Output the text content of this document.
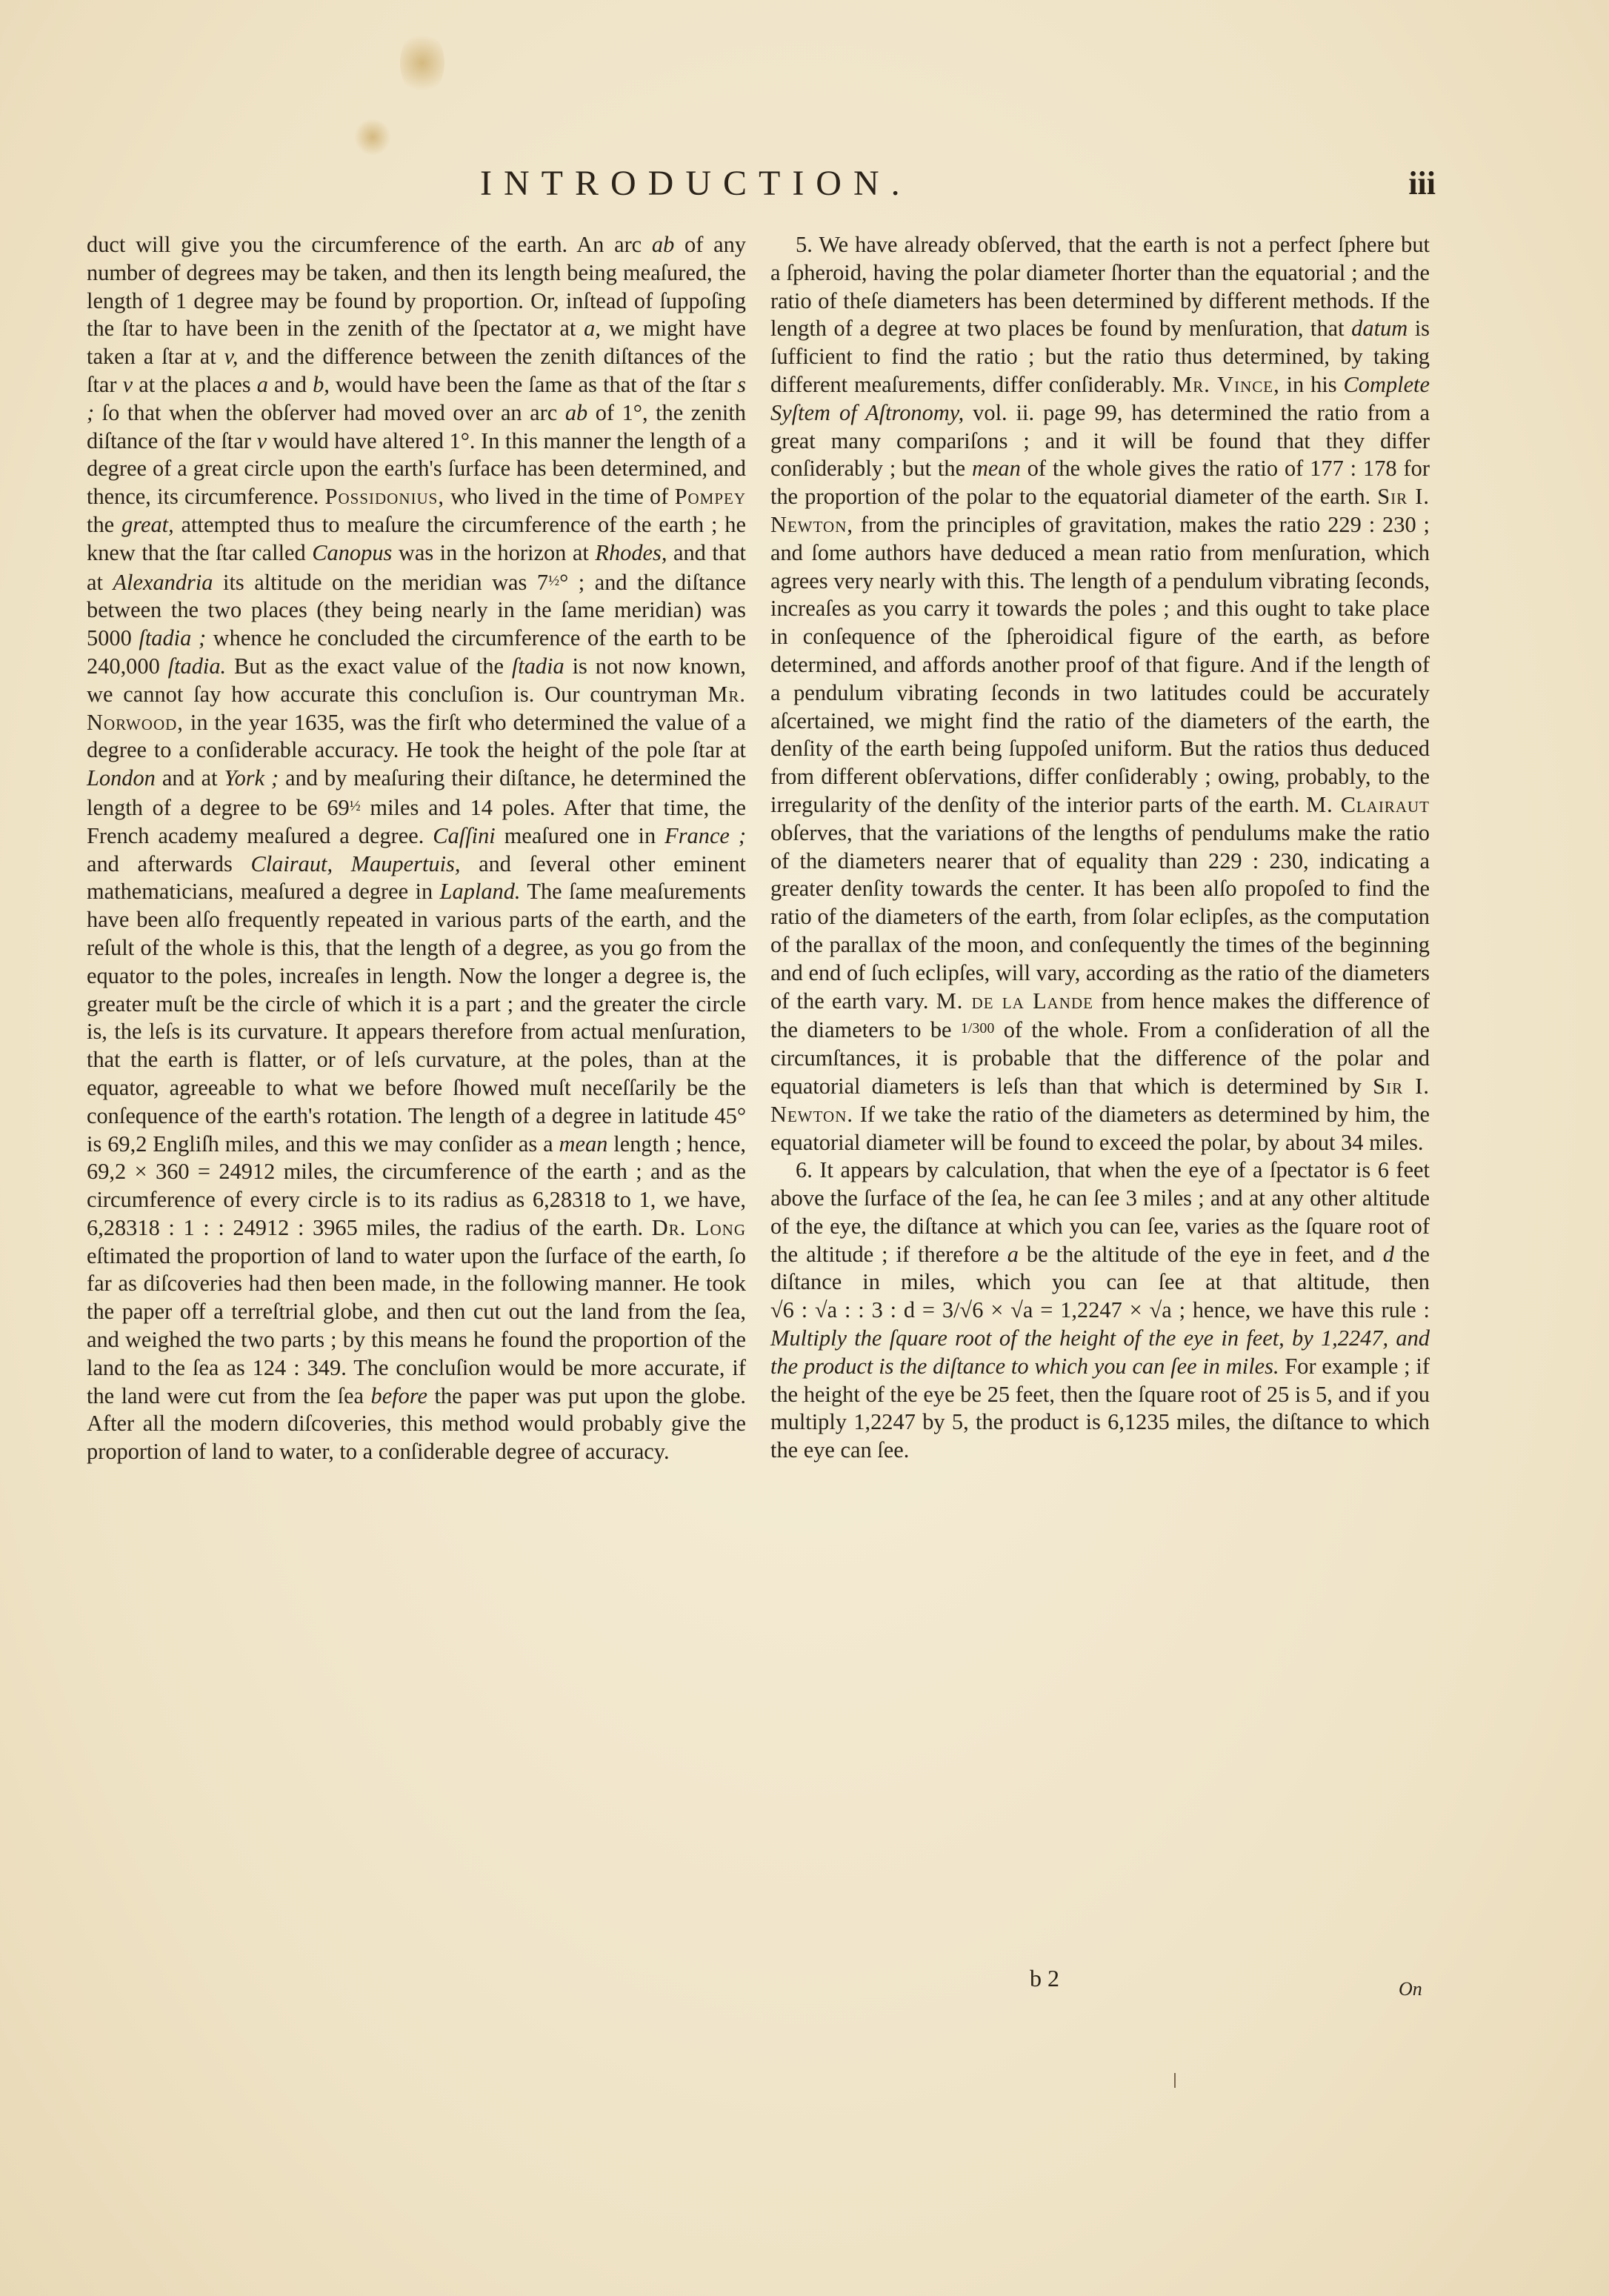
INTRODUCTION.	iii

duct will give you the circumference of the earth. An arc ab of any number of degrees may be taken, and then its length being meaſured, the length of 1 degree may be found by proportion. Or, inſtead of ſuppoſing the ſtar to have been in the zenith of the ſpectator at a, we might have taken a ſtar at v, and the difference between the zenith diſtances of the ſtar v at the places a and b, would have been the ſame as that of the ſtar s ; ſo that when the obſerver had moved over an arc ab of 1°, the zenith diſtance of the ſtar v would have altered 1°. In this manner the length of a degree of a great circle upon the earth's ſurface has been determined, and thence, its circumference. Possidonius, who lived in the time of Pompey the great, attempted thus to meaſure the circumference of the earth ; he knew that the ſtar called Canopus was in the horizon at Rhodes, and that at Alexandria its altitude on the meridian was 7½° ; and the diſtance between the two places (they being nearly in the ſame meridian) was 5000 ſtadia ; whence he concluded the circumference of the earth to be 240,000 ſtadia. But as the exact value of the ſtadia is not now known, we cannot ſay how accurate this concluſion is. Our countryman Mr. Norwood, in the year 1635, was the firſt who determined the value of a degree to a conſiderable accuracy. He took the height of the pole ſtar at London and at York ; and by meaſuring their diſtance, he determined the length of a degree to be 69½ miles and 14 poles. After that time, the French academy meaſured a degree. Caſſini meaſured one in France ; and afterwards Clairaut, Maupertuis, and ſeveral other eminent mathematicians, meaſured a degree in Lapland. The ſame meaſurements have been alſo frequently repeated in various parts of the earth, and the reſult of the whole is this, that the length of a degree, as you go from the equator to the poles, increaſes in length. Now the longer a degree is, the greater muſt be the circle of which it is a part ; and the greater the circle is, the leſs is its curvature. It appears therefore from actual menſuration, that the earth is flatter, or of leſs curvature, at the poles, than at the equator, agreeable to what we before ſhowed muſt neceſſarily be the conſequence of the earth's rotation. The length of a degree in latitude 45° is 69,2 Engliſh miles, and this we may conſider as a mean length ; hence, 69,2 × 360 = 24912 miles, the circumference of the earth ; and as the circumference of every circle is to its radius as 6,28318 to 1, we have, 6,28318 : 1 : : 24912 : 3965 miles, the radius of the earth. Dr. Long eſtimated the proportion of land to water upon the ſurface of the earth, ſo far as diſcoveries had then been made, in the following manner. He took the paper off a terreſtrial globe, and then cut out the land from the ſea, and weighed the two parts ; by this means he found the proportion of the land to the ſea as 124 : 349. The concluſion would be more accurate, if the land were cut from the ſea before the paper was put upon the globe. After all the modern diſcoveries, this method would probably give the proportion of land to water, to a conſiderable degree of accuracy.

5. We have already obſerved, that the earth is not a perfect ſphere but a ſpheroid, having the polar diameter ſhorter than the equatorial ; and the ratio of theſe diameters has been determined by different methods. If the length of a degree at two places be found by menſuration, that datum is ſufficient to find the ratio ; but the ratio thus determined, by taking different meaſurements, differ conſiderably. Mr. Vince, in his Complete Syſtem of Aſtronomy, vol. ii. page 99, has determined the ratio from a great many compariſons ; and it will be found that they differ conſiderably ; but the mean of the whole gives the ratio of 177 : 178 for the proportion of the polar to the equatorial diameter of the earth. Sir I. Newton, from the principles of gravitation, makes the ratio 229 : 230 ; and ſome authors have deduced a mean ratio from menſuration, which agrees very nearly with this. The length of a pendulum vibrating ſeconds, increaſes as you carry it towards the poles ; and this ought to take place in conſequence of the ſpheroidical figure of the earth, as before determined, and affords another proof of that figure. And if the length of a pendulum vibrating ſeconds in two latitudes could be accurately aſcertained, we might find the ratio of the diameters of the earth, the denſity of the earth being ſuppoſed uniform. But the ratios thus deduced from different obſervations, differ conſiderably ; owing, probably, to the irregularity of the denſity of the interior parts of the earth. M. Clairaut obſerves, that the variations of the lengths of pendulums make the ratio of the diameters nearer that of equality than 229 : 230, indicating a greater denſity towards the center. It has been alſo propoſed to find the ratio of the diameters of the earth, from ſolar eclipſes, as the computation of the parallax of the moon, and conſequently the times of the beginning and end of ſuch eclipſes, will vary, according as the ratio of the diameters of the earth vary. M. de la Lande from hence makes the difference of the diameters to be 1/300 of the whole. From a conſideration of all the circumſtances, it is probable that the difference of the polar and equatorial diameters is leſs than that which is determined by Sir I. Newton. If we take the ratio of the diameters as determined by him, the equatorial diameter will be found to exceed the polar, by about 34 miles.

6. It appears by calculation, that when the eye of a ſpectator is 6 feet above the ſurface of the ſea, he can ſee 3 miles ; and at any other altitude of the eye, the diſtance at which you can ſee, varies as the ſquare root of the altitude ; if therefore a be the altitude of the eye in feet, and d the diſtance in miles, which you can ſee at that altitude, then √6 : √a : : 3 : d = 3/√6 × √a = 1,2247 × √a ; hence, we have this rule : Multiply the ſquare root of the height of the eye in feet, by 1,2247, and the product is the diſtance to which you can ſee in miles. For example ; if the height of the eye be 25 feet, then the ſquare root of 25 is 5, and if you multiply 1,2247 by 5, the product is 6,1235 miles, the diſtance to which the eye can ſee.

b 2	On
